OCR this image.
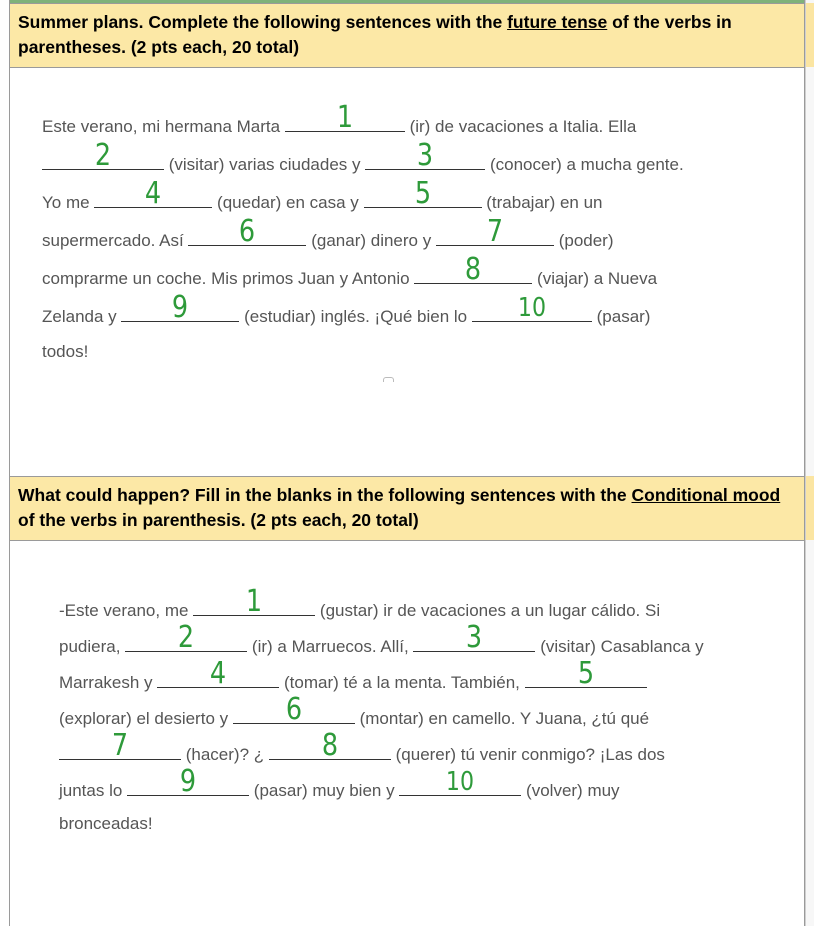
Summer plans. Complete the following sentences with the future tense of the verbs in parentheses. (2 pts each, 20 total)
Este verano, mi hermana Marta	1	(ir) de vacaciones a Italia. Ella
2	(visitar) varias ciudades y	3	(conocer) a mucha gente.
Yo me	4	(quedar) en casa y	5	(trabajar) en un
supermercado. Así	6	(ganar) dinero y	7	(poder)
comprarme un coche. Mis primos Juan y Antonio	8	(viajar) a Nueva
Zelanda y	9	(estudiar) inglés. ¡Qué bien lo	10	(pasar)
todos!
What could happen? Fill in the blanks in the following sentences with the Conditional mood of the verbs in parenthesis. (2 pts each, 20 total)
-Este verano, me	1	(gustar) ir de vacaciones a un lugar cálido. Si
pudiera,	2	(ir) a Marruecos. Allí,	3	(visitar) Casablanca y
Marrakesh y	4	(tomar) té a la menta. También,	5
(explorar) el desierto y	6	(montar) en camello. Y Juana, ¿tú qué
7	(hacer)? ¿	8	(querer) tú venir conmigo? ¡Las dos
juntas lo	9	(pasar) muy bien y	10	(volver) muy
bronceadas!
